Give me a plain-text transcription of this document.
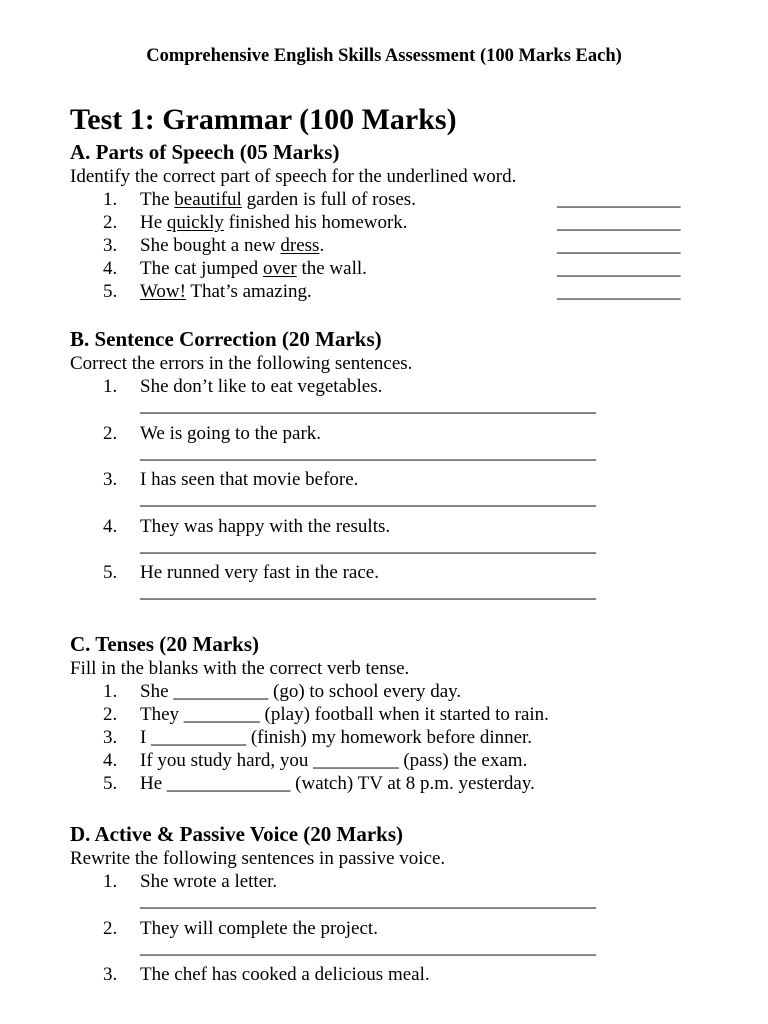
Comprehensive English Skills Assessment (100 Marks Each)
Test 1: Grammar (100 Marks)
A. Parts of Speech (05 Marks)
Identify the correct part of speech for the underlined word.
1.	The beautiful garden is full of roses.	_____________
2.	He quickly finished his homework.	_____________
3.	She bought a new dress.	_____________
4.	The cat jumped over the wall.	_____________
5.	Wow! That’s amazing.	_____________
B. Sentence Correction (20 Marks)
Correct the errors in the following sentences.
1.	She don’t like to eat vegetables.
________________________________________________
2.	We is going to the park.
________________________________________________
3.	I has seen that movie before.
________________________________________________
4.	They was happy with the results.
________________________________________________
5.	He runned very fast in the race.
________________________________________________
C. Tenses (20 Marks)
Fill in the blanks with the correct verb tense.
1.	She __________ (go) to school every day.
2.	They ________ (play) football when it started to rain.
3.	I __________ (finish) my homework before dinner.
4.	If you study hard, you _________ (pass) the exam.
5.	He _____________ (watch) TV at 8 p.m. yesterday.
D. Active & Passive Voice (20 Marks)
Rewrite the following sentences in passive voice.
1.	She wrote a letter.
________________________________________________
2.	They will complete the project.
________________________________________________
3.	The chef has cooked a delicious meal.
